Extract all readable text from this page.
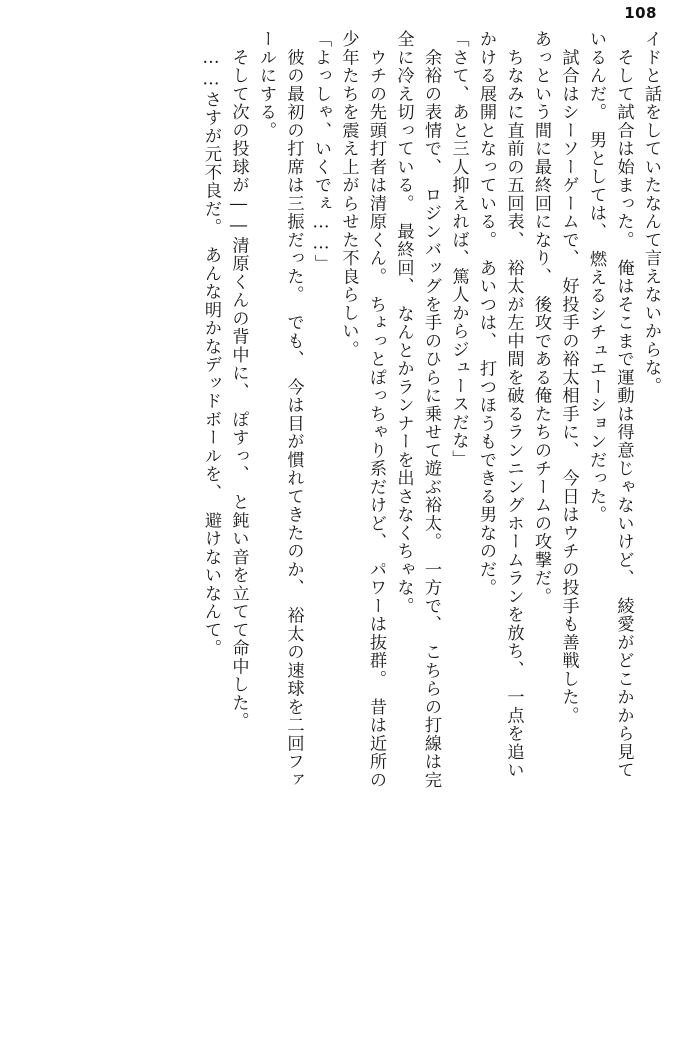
108
イドと話をしていたなんて言えないからな。
　そして試合は始まった。　俺はそこまで運動は得意じゃないけど、　綾愛がどこかから見て
いるんだ。　男としては、　燃えるシチュエーションだった。
　試合はシーソーゲームで、　好投手の裕太相手に、　今日はウチの投手も善戦した。
あっという間に最終回になり、　後攻である俺たちのチームの攻撃だ。
　ちなみに直前の五回表、　裕太が左中間を破るランニングホームランを放ち、　一点を追い
かける展開となっている。　あいつは、　打つほうもできる男なのだ。
「さて、あと三人抑えれば、篤人からジュースだな」
　余裕の表情で、　ロジンバッグを手のひらに乗せて遊ぶ裕太。　一方で、　こちらの打線は完
全に冷え切っている。　最終回、　なんとかランナーを出さなくちゃな。
　ウチの先頭打者は清原くん。　ちょっとぽっちゃり系だけど、　パワーは抜群。　昔は近所の
少年たちを震え上がらせた不良らしい。
「よっしゃ、いくでぇ……」
　彼の最初の打席は三振だった。　でも、　今は目が慣れてきたのか、　裕太の速球を二回ファ
ールにする。
　そして次の投球が――清原くんの背中に、　ぽすっ、　と鈍い音を立てて命中した。
　……さすが元不良だ。　あんな明かなデッドボールを、　避けないなんて。
